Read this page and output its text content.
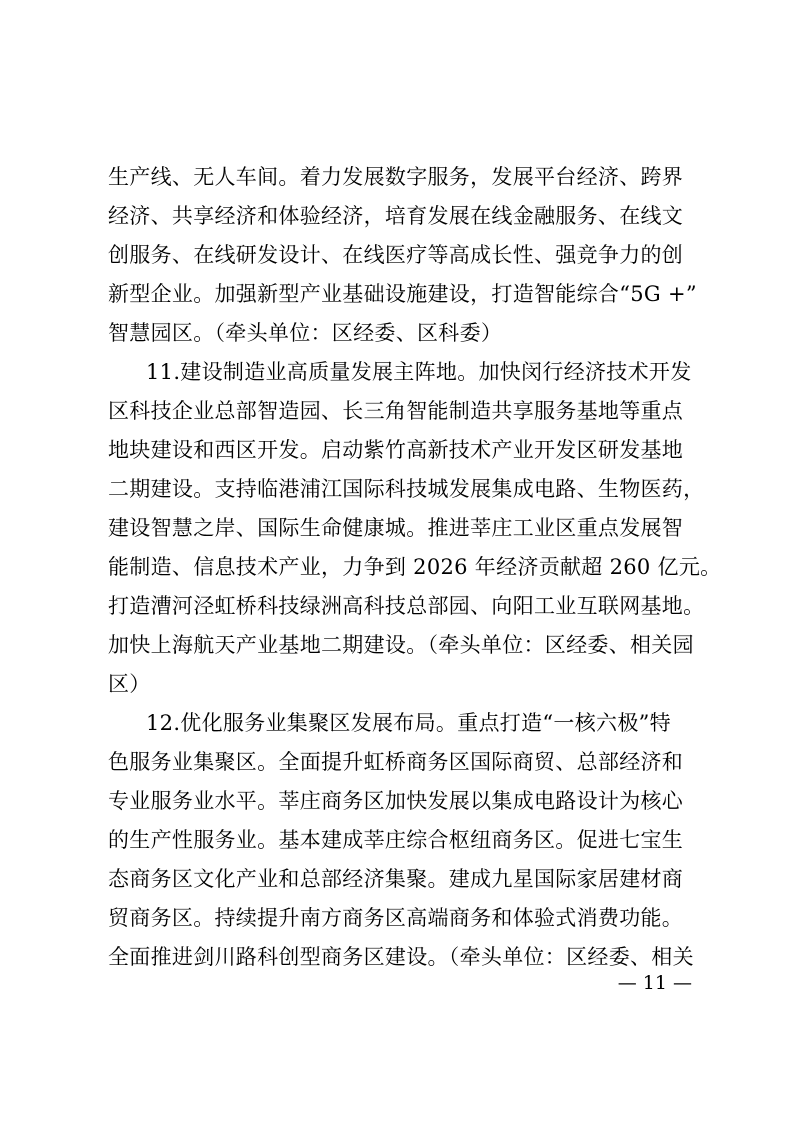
生产线、无人车间。着力发展数字服务，发展平台经济、跨界
经济、共享经济和体验经济，培育发展在线金融服务、在线文
创服务、在线研发设计、在线医疗等高成长性、强竞争力的创
新型企业。加强新型产业基础设施建设，打造智能综合“5G +”
智慧园区。（牵头单位：区经委、区科委）
11.建设制造业高质量发展主阵地。加快闵行经济技术开发
区科技企业总部智造园、长三角智能制造共享服务基地等重点
地块建设和西区开发。启动紫竹高新技术产业开发区研发基地
二期建设。支持临港浦江国际科技城发展集成电路、生物医药，
建设智慧之岸、国际生命健康城。推进莘庄工业区重点发展智
能制造、信息技术产业，力争到 2026 年经济贡献超 260 亿元。
打造漕河泾虹桥科技绿洲高科技总部园、向阳工业互联网基地。
加快上海航天产业基地二期建设。（牵头单位：区经委、相关园
区）
12.优化服务业集聚区发展布局。重点打造“一核六极”特
色服务业集聚区。全面提升虹桥商务区国际商贸、总部经济和
专业服务业水平。莘庄商务区加快发展以集成电路设计为核心
的生产性服务业。基本建成莘庄综合枢纽商务区。促进七宝生
态商务区文化产业和总部经济集聚。建成九星国际家居建材商
贸商务区。持续提升南方商务区高端商务和体验式消费功能。
全面推进剑川路科创型商务区建设。（牵头单位：区经委、相关
— 11 —
